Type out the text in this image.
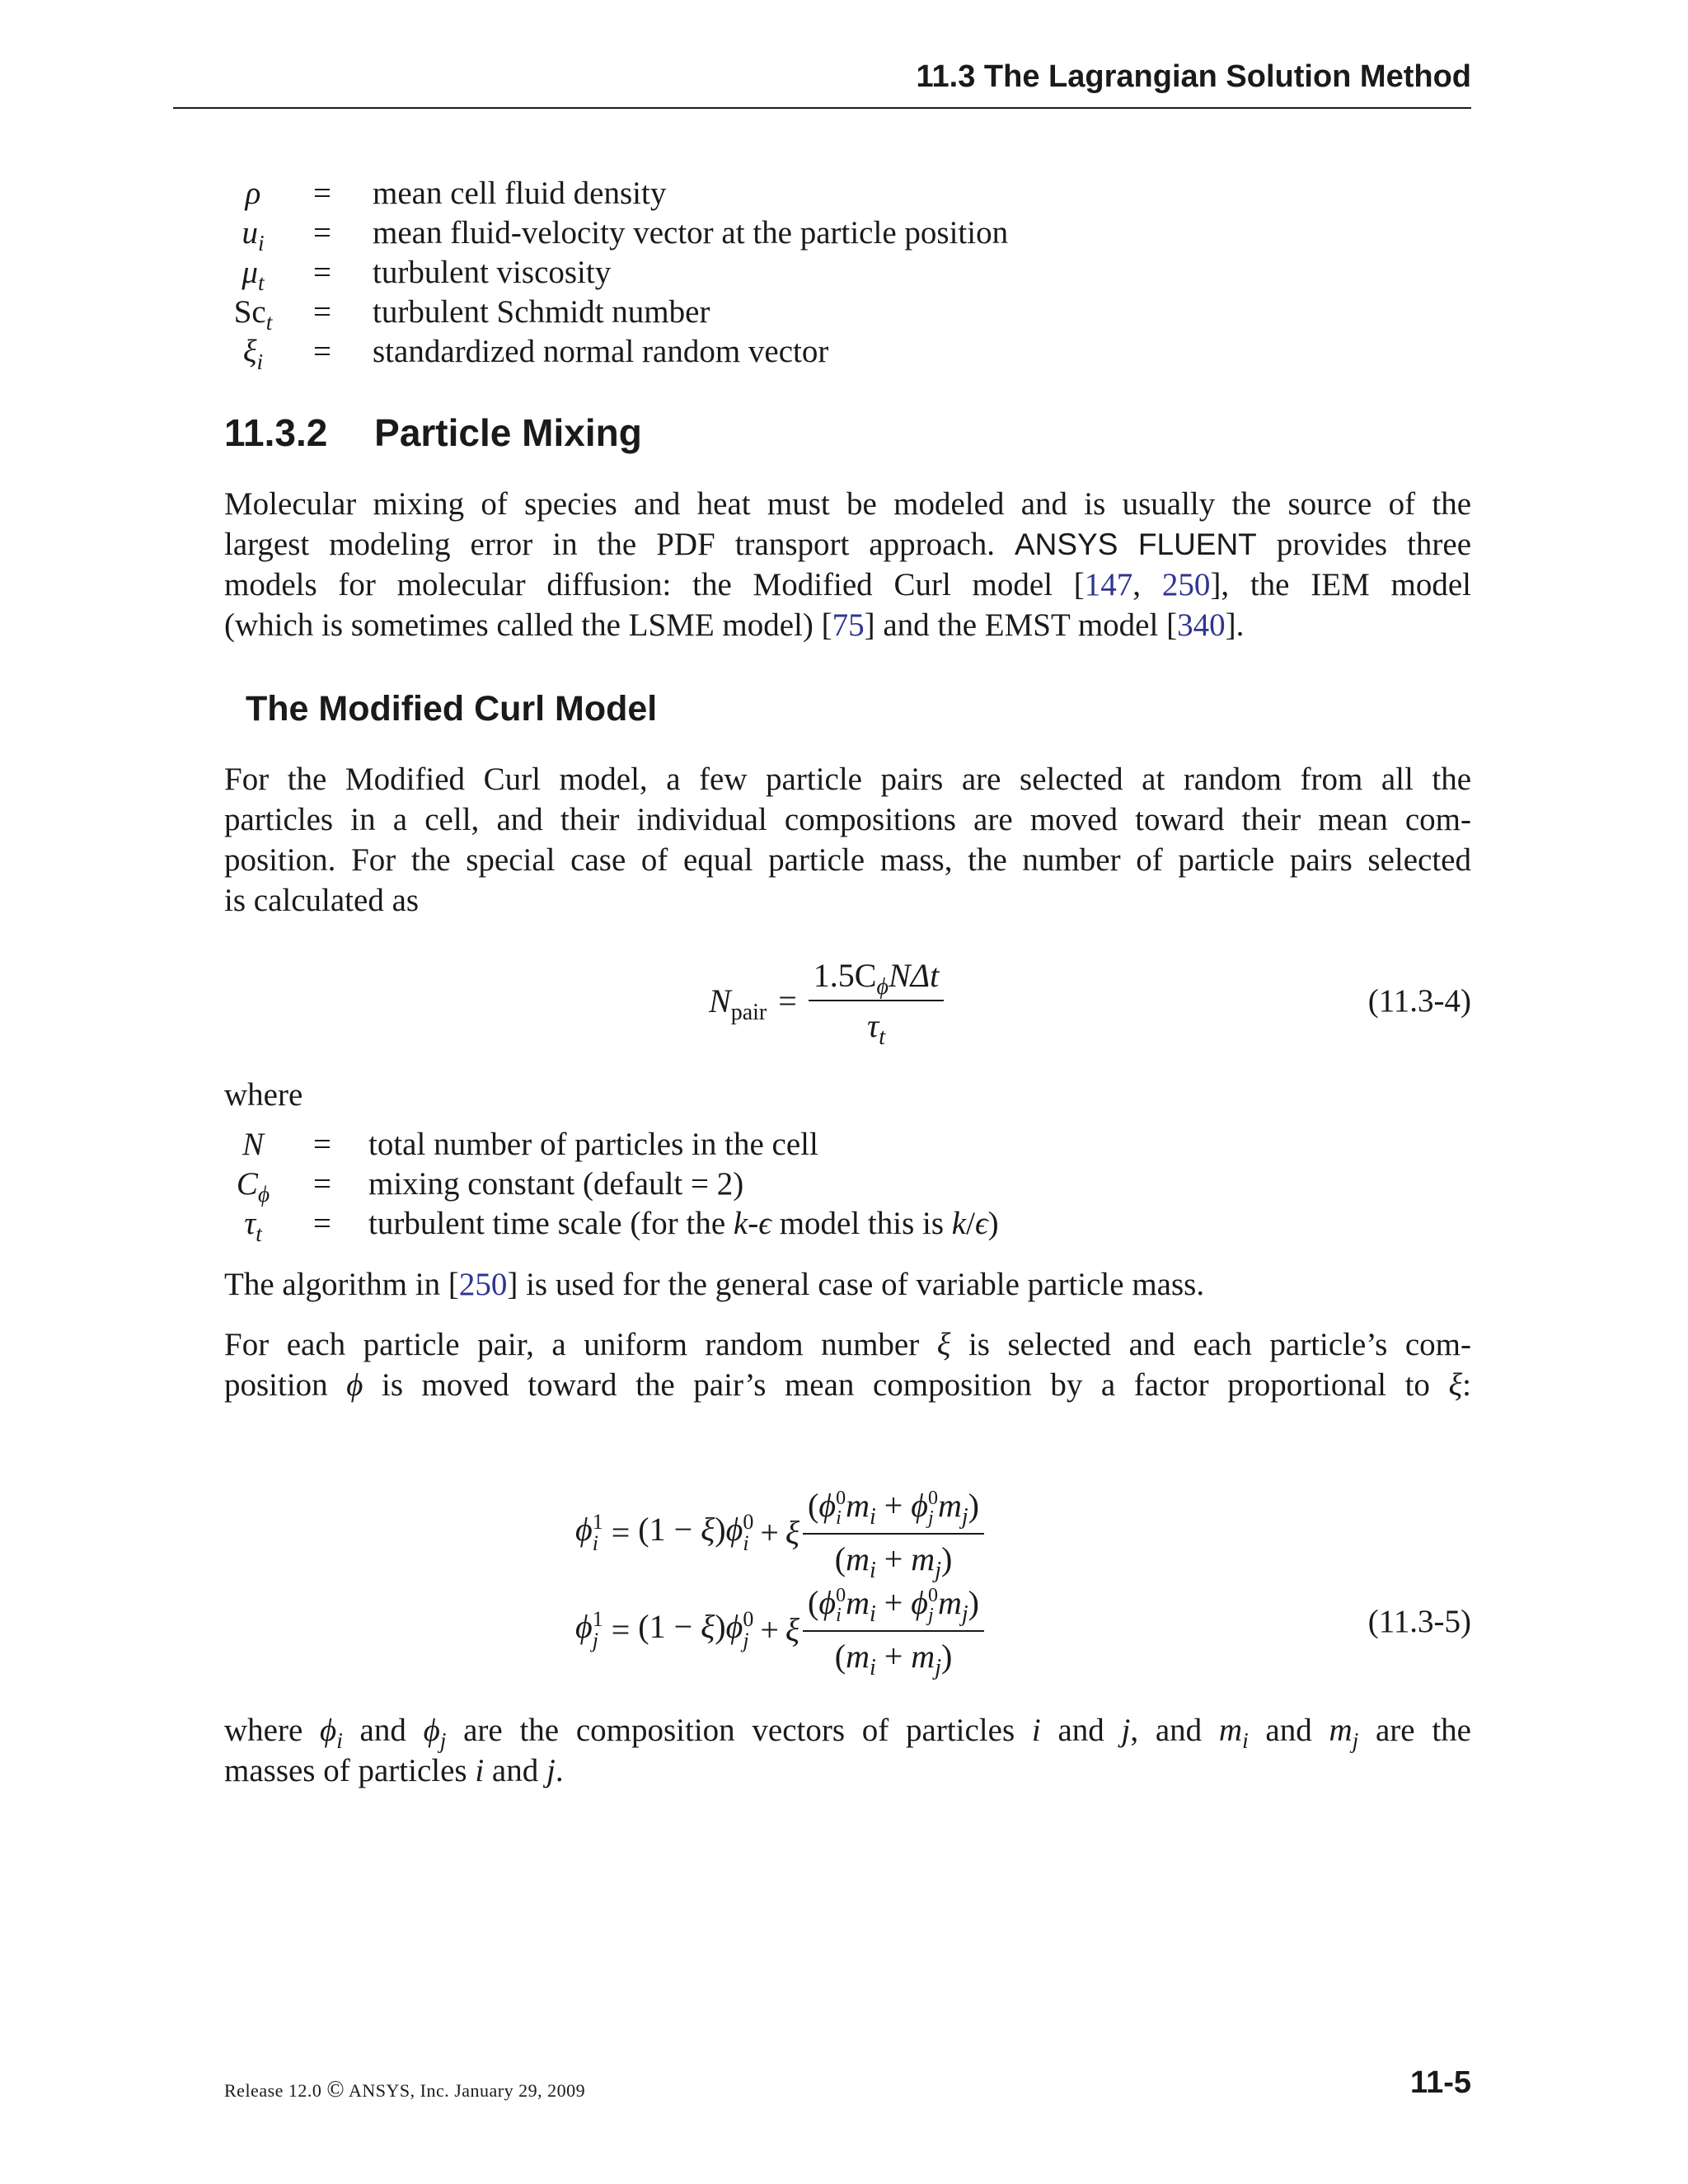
11.3 The Lagrangian Solution Method
ρ	= mean cell fluid density
$u_i$	= mean fluid-velocity vector at the particle position
$\mu_t$	= turbulent viscosity
$Sc_t$	= turbulent Schmidt number
$\xi_i$	= standardized normal random vector
11.3.2 Particle Mixing
Molecular mixing of species and heat must be modeled and is usually the source of the
largest modeling error in the PDF transport approach. ANSYS FLUENT provides three
models for molecular diffusion: the Modified Curl model [147, 250], the IEM model
(which is sometimes called the LSME model) [75] and the EMST model [340].
The Modified Curl Model
For the Modified Curl model, a few particle pairs are selected at random from all the
particles in a cell, and their individual compositions are moved toward their mean com-
position. For the special case of equal particle mass, the number of particle pairs selected
is calculated as
$N_{pair} = \frac{1.5C_\phi N\Delta t}{\tau_t}$	(11.3-4)
where
N	= total number of particles in the cell
$C_\phi$	= mixing constant (default = 2)
$\tau_t$	= turbulent time scale (for the k-ϵ model this is k/ϵ)
The algorithm in [250] is used for the general case of variable particle mass.
For each particle pair, a uniform random number ξ is selected and each particle’s com-
position ϕ is moved toward the pair’s mean composition by a factor proportional to ξ:
ϕ 1
i = (1 − ξ)ϕ 0
i + ξ (ϕ 0
i $m_i + \phi$ 0
j $m_j$)
$(m_i + m_j)$
ϕ 1
j = (1 − ξ)ϕ 0
j + ξ (ϕ 0
i $m_i + \phi$ 0
j $m_j$)
$(m_i + m_j)$	(11.3-5)
where $\phi_i$ and $\phi_j$ are the composition vectors of particles i and j, and $m_i$ and $m_j$ are the
masses of particles i and j.
Release 12.0 © ANSYS, Inc. January 29, 2009	11-5
